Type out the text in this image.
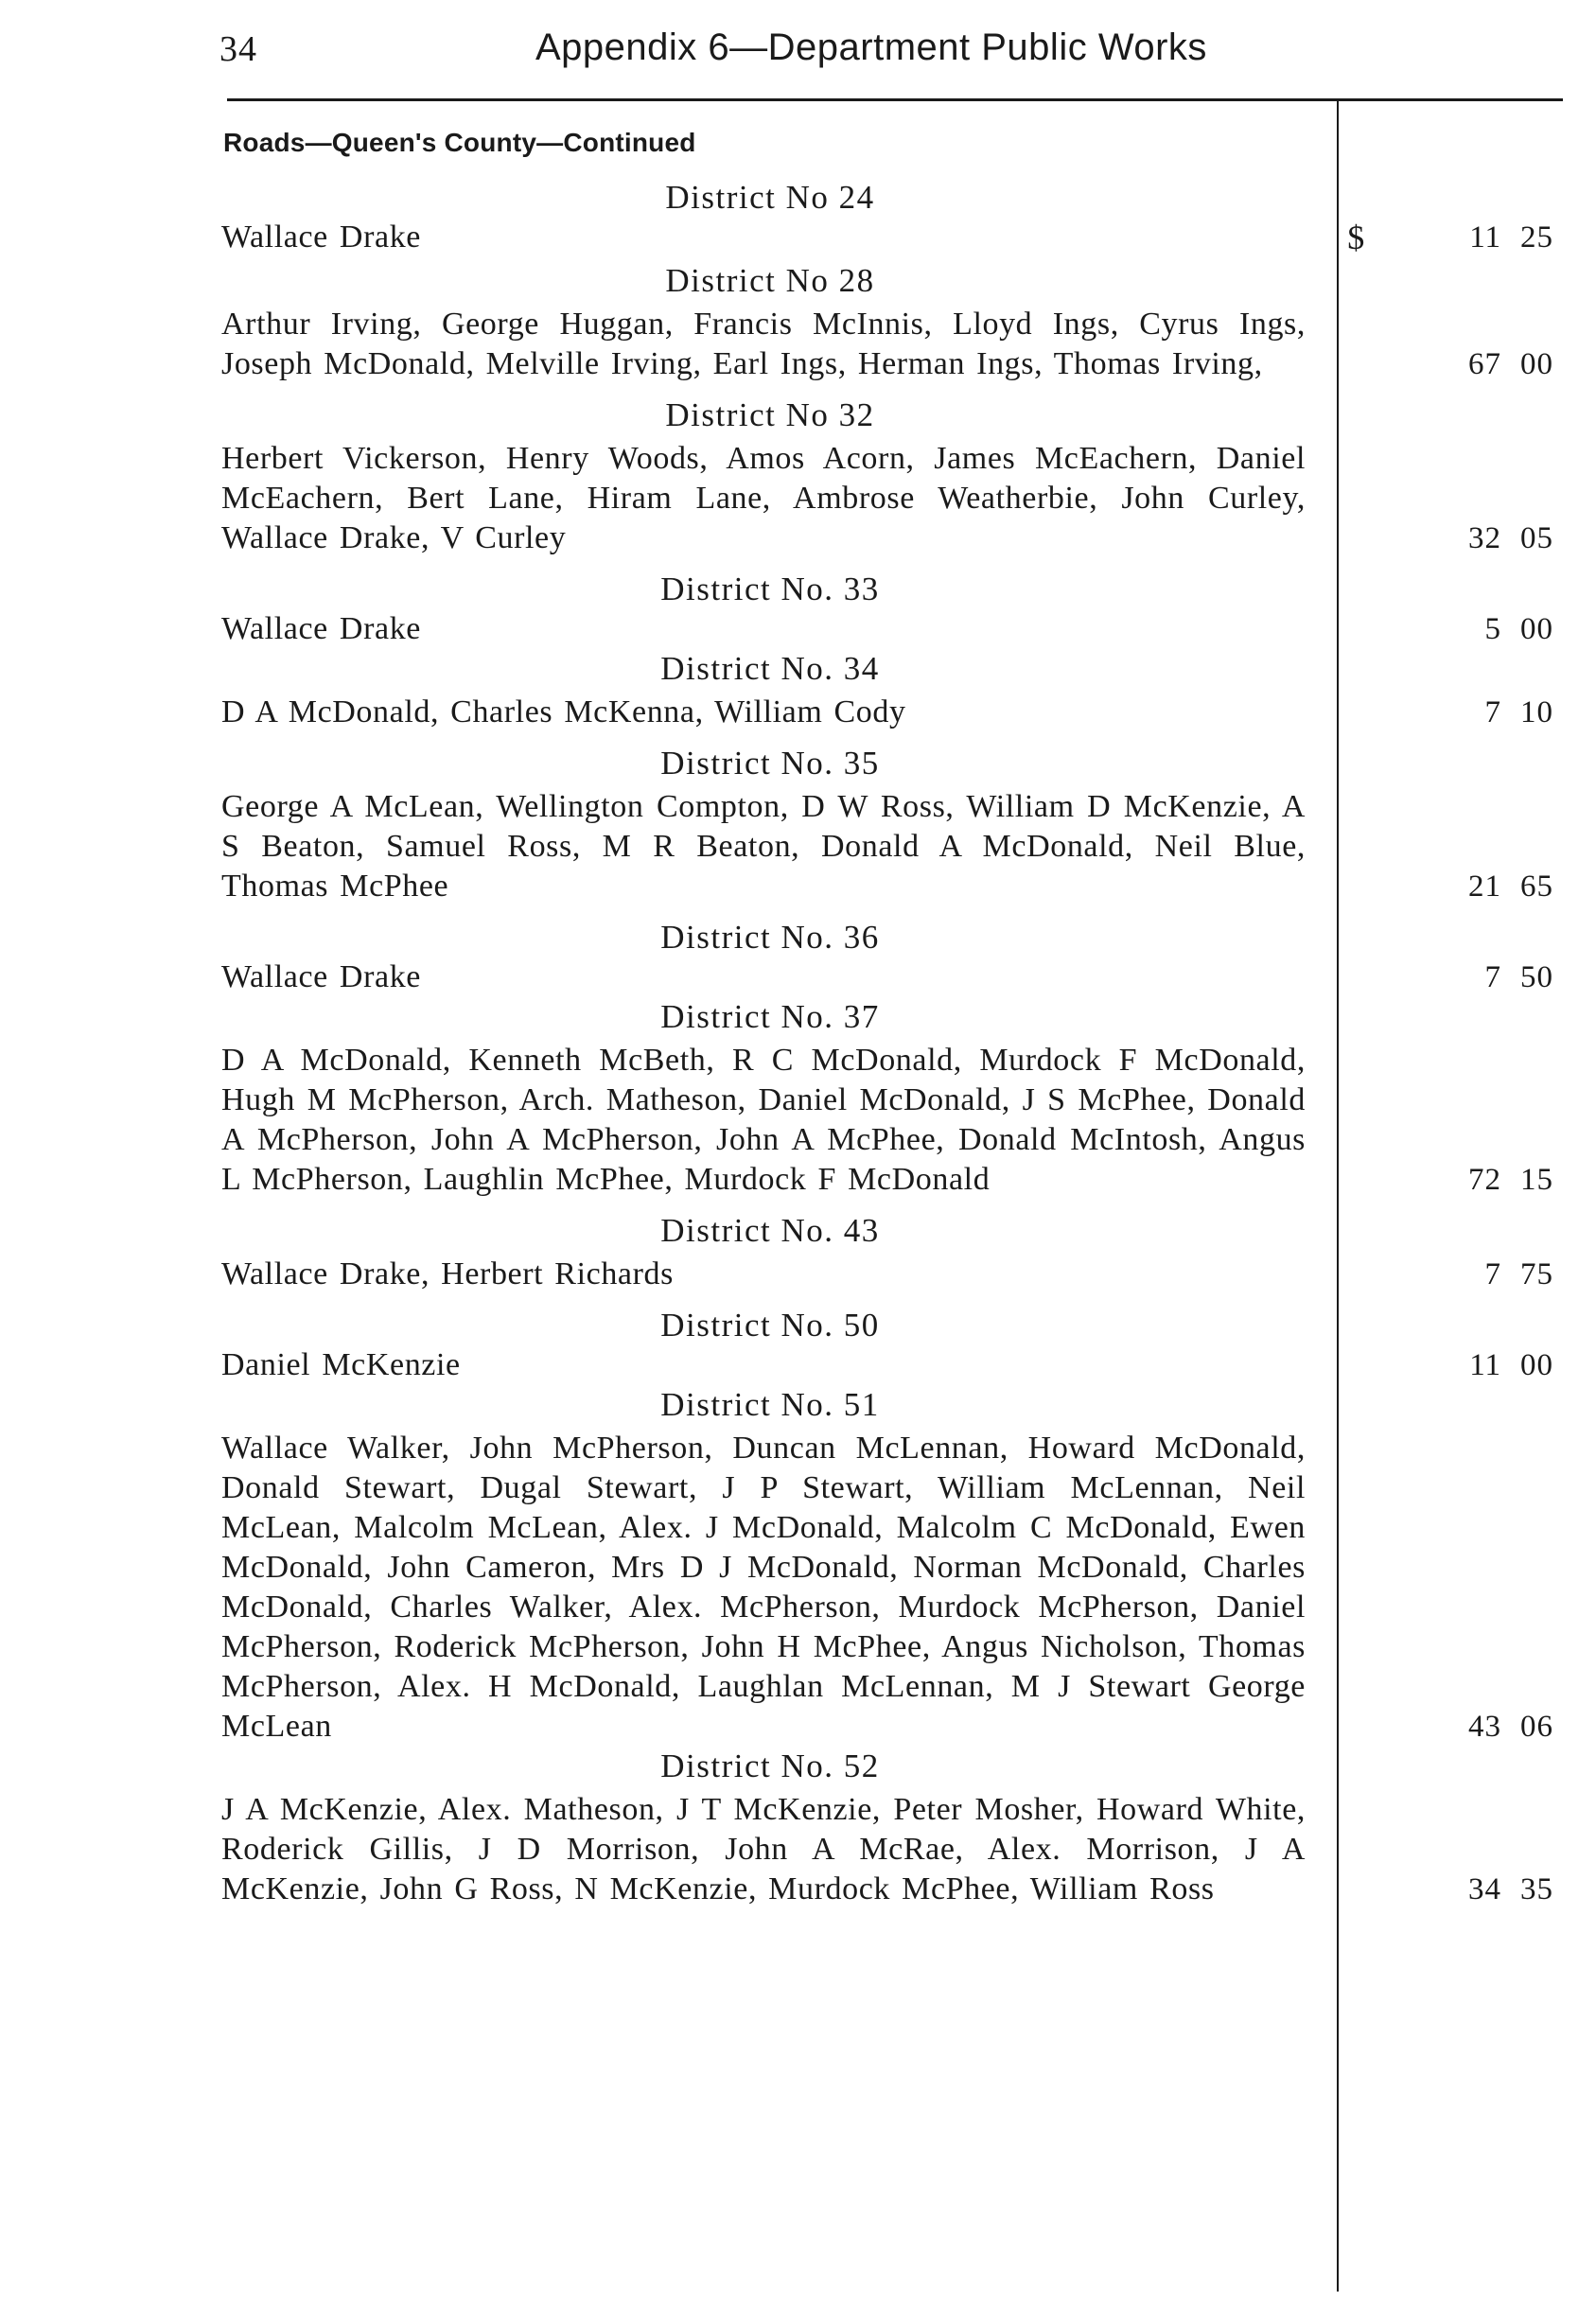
34	Appendix 6—Department Public Works
Roads—Queen's County—Continued
District No 24
Wallace Drake	$	11 25
District No 28
Arthur Irving, George Huggan, Francis McInnis, Lloyd Ings, Cyrus Ings, Joseph McDonald, Melville Irving, Earl Ings, Herman Ings, Thomas Irving,	67 00
District No 32
Herbert Vickerson, Henry Woods, Amos Acorn, James McEachern, Daniel McEachern, Bert Lane, Hiram Lane, Ambrose Weatherbie, John Curley, Wallace Drake, V Curley	32 05
District No. 33
Wallace Drake	5 00
District No. 34
D A McDonald, Charles McKenna, William Cody	7 10
District No. 35
George A McLean, Wellington Compton, D W Ross, William D McKenzie, A S Beaton, Samuel Ross, M R Beaton, Donald A McDonald, Neil Blue, Thomas McPhee	21 65
District No. 36
Wallace Drake	7 50
District No. 37
D A McDonald, Kenneth McBeth, R C McDonald, Murdock F McDonald, Hugh M McPherson, Arch. Matheson, Daniel McDonald, J S McPhee, Donald A McPherson, John A McPherson, John A McPhee, Donald McIntosh, Angus L McPherson, Laughlin McPhee, Murdock F McDonald	72 15
District No. 43
Wallace Drake, Herbert Richards	7 75
District No. 50
Daniel McKenzie	11 00
District No. 51
Wallace Walker, John McPherson, Duncan McLennan, Howard McDonald, Donald Stewart, Dugal Stewart, J P Stewart, William McLennan, Neil McLean, Malcolm McLean, Alex. J McDonald, Malcolm C McDonald, Ewen McDonald, John Cameron, Mrs D J McDonald, Norman McDonald, Charles McDonald, Charles Walker, Alex. McPherson, Murdock McPherson, Daniel McPherson, Roderick McPherson, John H McPhee, Angus Nicholson, Thomas McPherson, Alex. H McDonald, Laughlan McLennan, M J Stewart George McLean	43 06
District No. 52
J A McKenzie, Alex. Matheson, J T McKenzie, Peter Mosher, Howard White, Roderick Gillis, J D Morrison, John A McRae, Alex. Morrison, J A McKenzie, John G Ross, N McKenzie, Murdock McPhee, William Ross	34 35
